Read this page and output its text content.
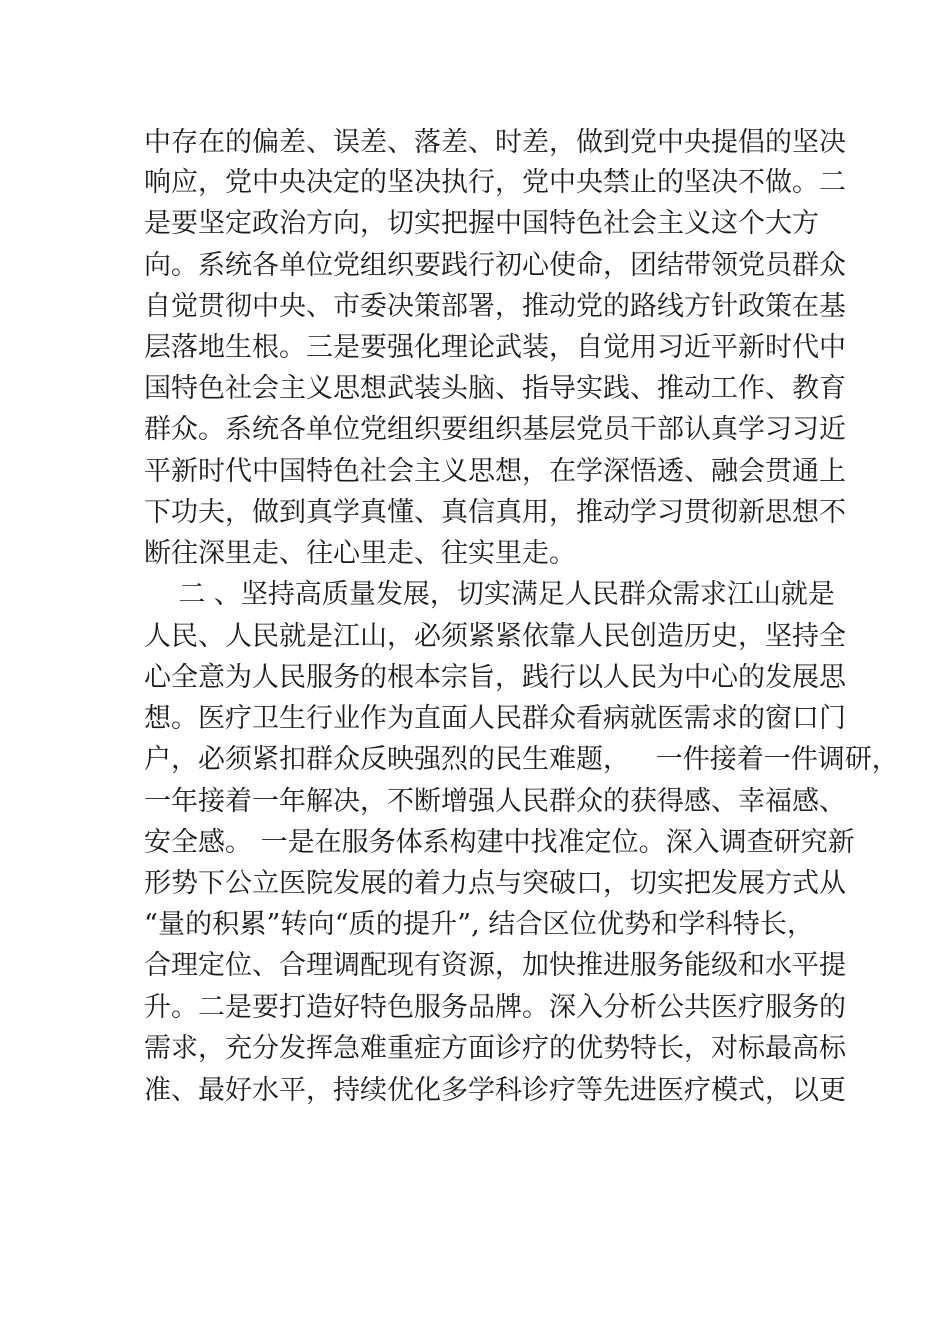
中存在的偏差、误差、落差、时差，做到党中央提倡的坚决
响应，党中央决定的坚决执行，党中央禁止的坚决不做。二
是要坚定政治方向，切实把握中国特色社会主义这个大方
向。系统各单位党组织要践行初心使命，团结带领党员群众
自觉贯彻中央、市委决策部署，推动党的路线方针政策在基
层落地生根。三是要强化理论武装，自觉用习近平新时代中
国特色社会主义思想武装头脑、指导实践、推动工作、教育
群众。系统各单位党组织要组织基层党员干部认真学习习近
平新时代中国特色社会主义思想，在学深悟透、融会贯通上
下功夫，做到真学真懂、真信真用，推动学习贯彻新思想不
断往深里走、往心里走、往实里走。
二 、坚持高质量发展，切实满足人民群众需求江山就是
人民、人民就是江山，必须紧紧依靠人民创造历史，坚持全
心全意为人民服务的根本宗旨，践行以人民为中心的发展思
想。医疗卫生行业作为直面人民群众看病就医需求的窗口门
户，必须紧扣群众反映强烈的民生难题，   一件接着一件调研，
一年接着一年解决，不断增强人民群众的获得感、幸福感、
安全感。 一是在服务体系构建中找准定位。深入调查研究新
形势下公立医院发展的着力点与突破口，切实把发展方式从
“量的积累”转向“质的提升”, 结合区位优势和学科特长，
合理定位、合理调配现有资源，加快推进服务能级和水平提
升。二是要打造好特色服务品牌。深入分析公共医疗服务的
需求，充分发挥急难重症方面诊疗的优势特长，对标最高标
准、最好水平，持续优化多学科诊疗等先进医疗模式，以更
